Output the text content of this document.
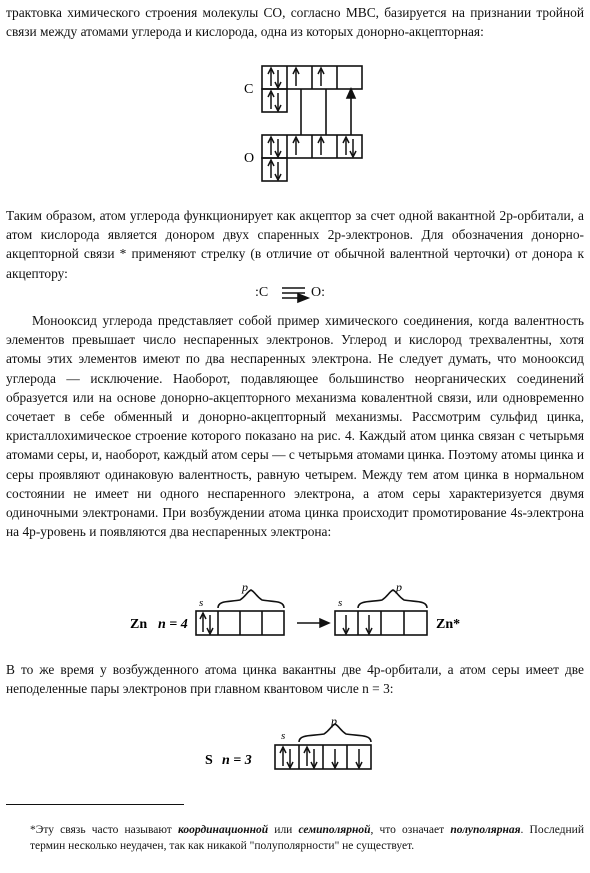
трактовка химического строения молекулы CO, согласно МВС, базируется на признании тройной связи между атомами углерода и кислорода, одна из которых донорно-акцепторная:
C
O
Zn n = 4
s
p
s
p
Zn*
S n = 3
s
p
Таким образом, атом углерода функционирует как акцептор за счет одной вакантной 2p-орбитали, а атом кислорода является донором двух спаренных 2p-электронов. Для обозначения донорно-акцепторной связи * применяют стрелку (в отличие от обычной валентной черточки) от донора к акцептору:
:C	O:
Монооксид углерода представляет собой пример химического соединения, когда валентность элементов превышает число неспаренных электронов. Углерод и кислород трехвалентны, хотя атомы этих элементов имеют по два неспаренных электрона. Не следует думать, что монооксид углерода — исключение. Наоборот, подавляющее большинство неорганических соединений образуется или на основе донорно-акцепторного механизма ковалентной связи, или одновременно сочетает в себе обменный и донорно-акцепторный механизмы. Рассмотрим сульфид цинка, кристаллохимическое строение которого показано на рис. 4. Каждый атом цинка связан с четырьмя атомами серы, и, наоборот, каждый атом серы — с четырьмя атомами цинка. Поэтому атомы цинка и серы проявляют одинаковую валентность, равную четырем. Между тем атом цинка в нормальном состоянии не имеет ни одного неспаренного электрона, а атом серы характеризуется двумя одиночными электронами. При возбуждении атома цинка происходит промотирование 4s-электрона на 4p-уровень и появляются два неспаренных электрона:
В то же время у возбужденного атома цинка вакантны две 4p-орбитали, а атом серы имеет две неподеленные пары электронов при главном квантовом числе n = 3:
*Эту связь часто называют координационной или семиполярной, что означает полуполярная. Последний термин несколько неудачен, так как никакой "полуполярности" не существует.
